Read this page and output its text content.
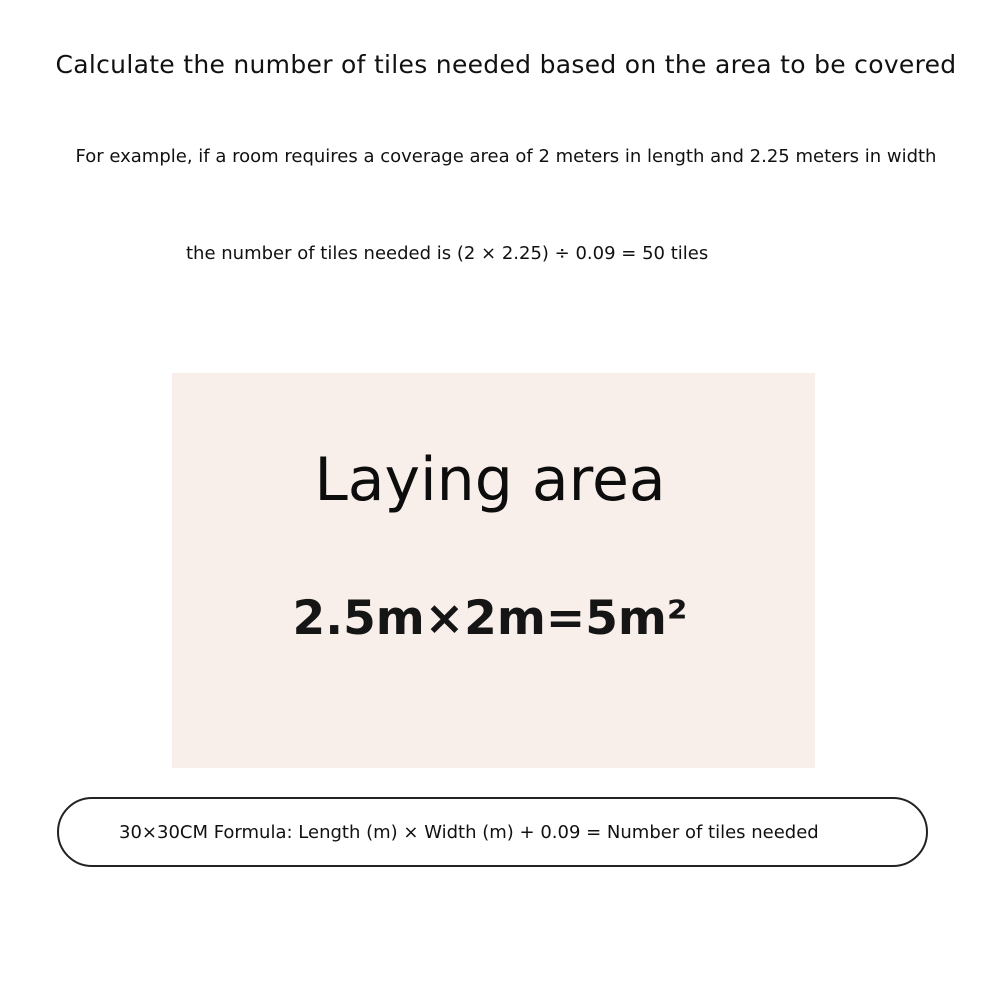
Calculate the number of tiles needed based on the area to be covered
For example, if a room requires a coverage area of 2 meters in length and 2.25 meters in width
the number of tiles needed is (2 × 2.25) ÷ 0.09 = 50 tiles
Laying area
2.5m×2m=5m²
30×30CM Formula: Length (m) × Width (m) + 0.09 = Number of tiles needed
